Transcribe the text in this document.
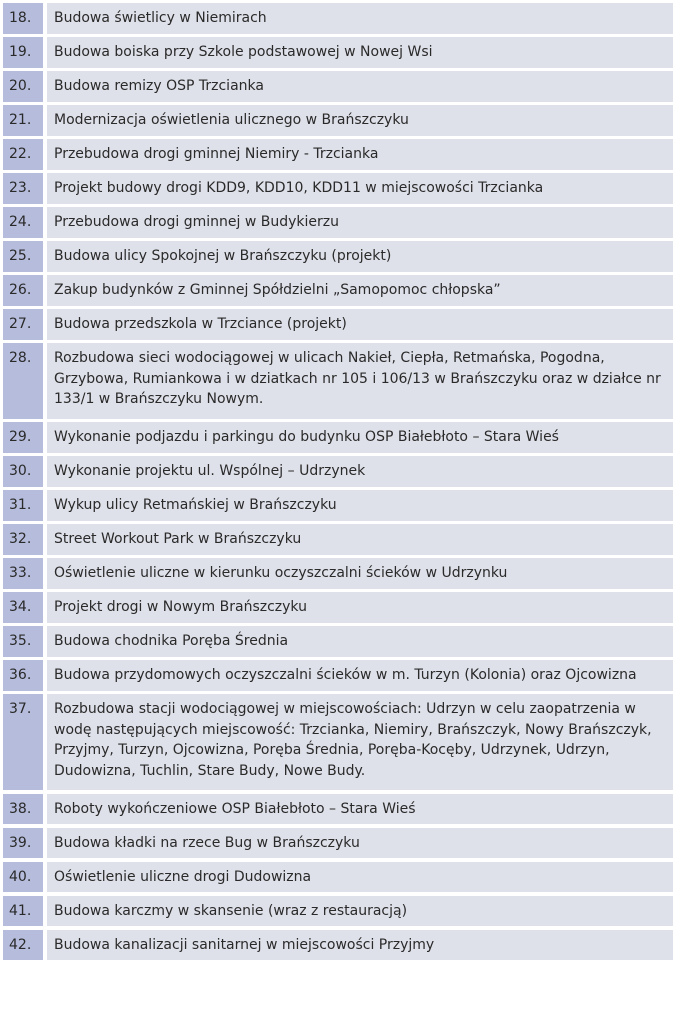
18.	Budowa świetlicy w Niemirach
19.	Budowa boiska przy Szkole podstawowej w Nowej Wsi
20.	Budowa remizy OSP Trzcianka
21.	Modernizacja oświetlenia ulicznego w Brańszczyku
22.	Przebudowa drogi gminnej Niemiry - Trzcianka
23.	Projekt budowy drogi KDD9, KDD10, KDD11 w miejscowości Trzcianka
24.	Przebudowa drogi gminnej w Budykierzu
25.	Budowa ulicy Spokojnej w Brańszczyku (projekt)
26.	Zakup budynków z Gminnej Spółdzielni „Samopomoc chłopska”
27.	Budowa przedszkola w Trzciance (projekt)
28.	Rozbudowa sieci wodociągowej w ulicach Nakieł, Ciepła, Retmańska, Pogodna, Grzybowa, Rumiankowa i w dziatkach nr 105 i 106/13 w Brańszczyku oraz w działce nr 133/1 w Brańszczyku Nowym.
29.	Wykonanie podjazdu i parkingu do budynku OSP Białebłoto – Stara Wieś
30.	Wykonanie projektu ul. Wspólnej – Udrzynek
31.	Wykup ulicy Retmańskiej w Brańszczyku
32.	Street Workout Park w Brańszczyku
33.	Oświetlenie uliczne w kierunku oczyszczalni ścieków w Udrzynku
34.	Projekt drogi w Nowym Brańszczyku
35.	Budowa chodnika Poręba Średnia
36.	Budowa przydomowych oczyszczalni ścieków w m. Turzyn (Kolonia) oraz Ojcowizna
37.	Rozbudowa stacji wodociągowej w miejscowościach: Udrzyn w celu zaopatrzenia w wodę następujących miejscowość: Trzcianka, Niemiry, Brańszczyk, Nowy Brańszczyk, Przyjmy, Turzyn, Ojcowizna, Poręba Średnia, Poręba-Kocęby, Udrzynek, Udrzyn, Dudowizna, Tuchlin, Stare Budy, Nowe Budy.
38.	Roboty wykończeniowe OSP Białebłoto – Stara Wieś
39.	Budowa kładki na rzece Bug w Brańszczyku
40.	Oświetlenie uliczne drogi Dudowizna
41.	Budowa karczmy w skansenie (wraz z restauracją)
42.	Budowa kanalizacji sanitarnej w miejscowości Przyjmy
